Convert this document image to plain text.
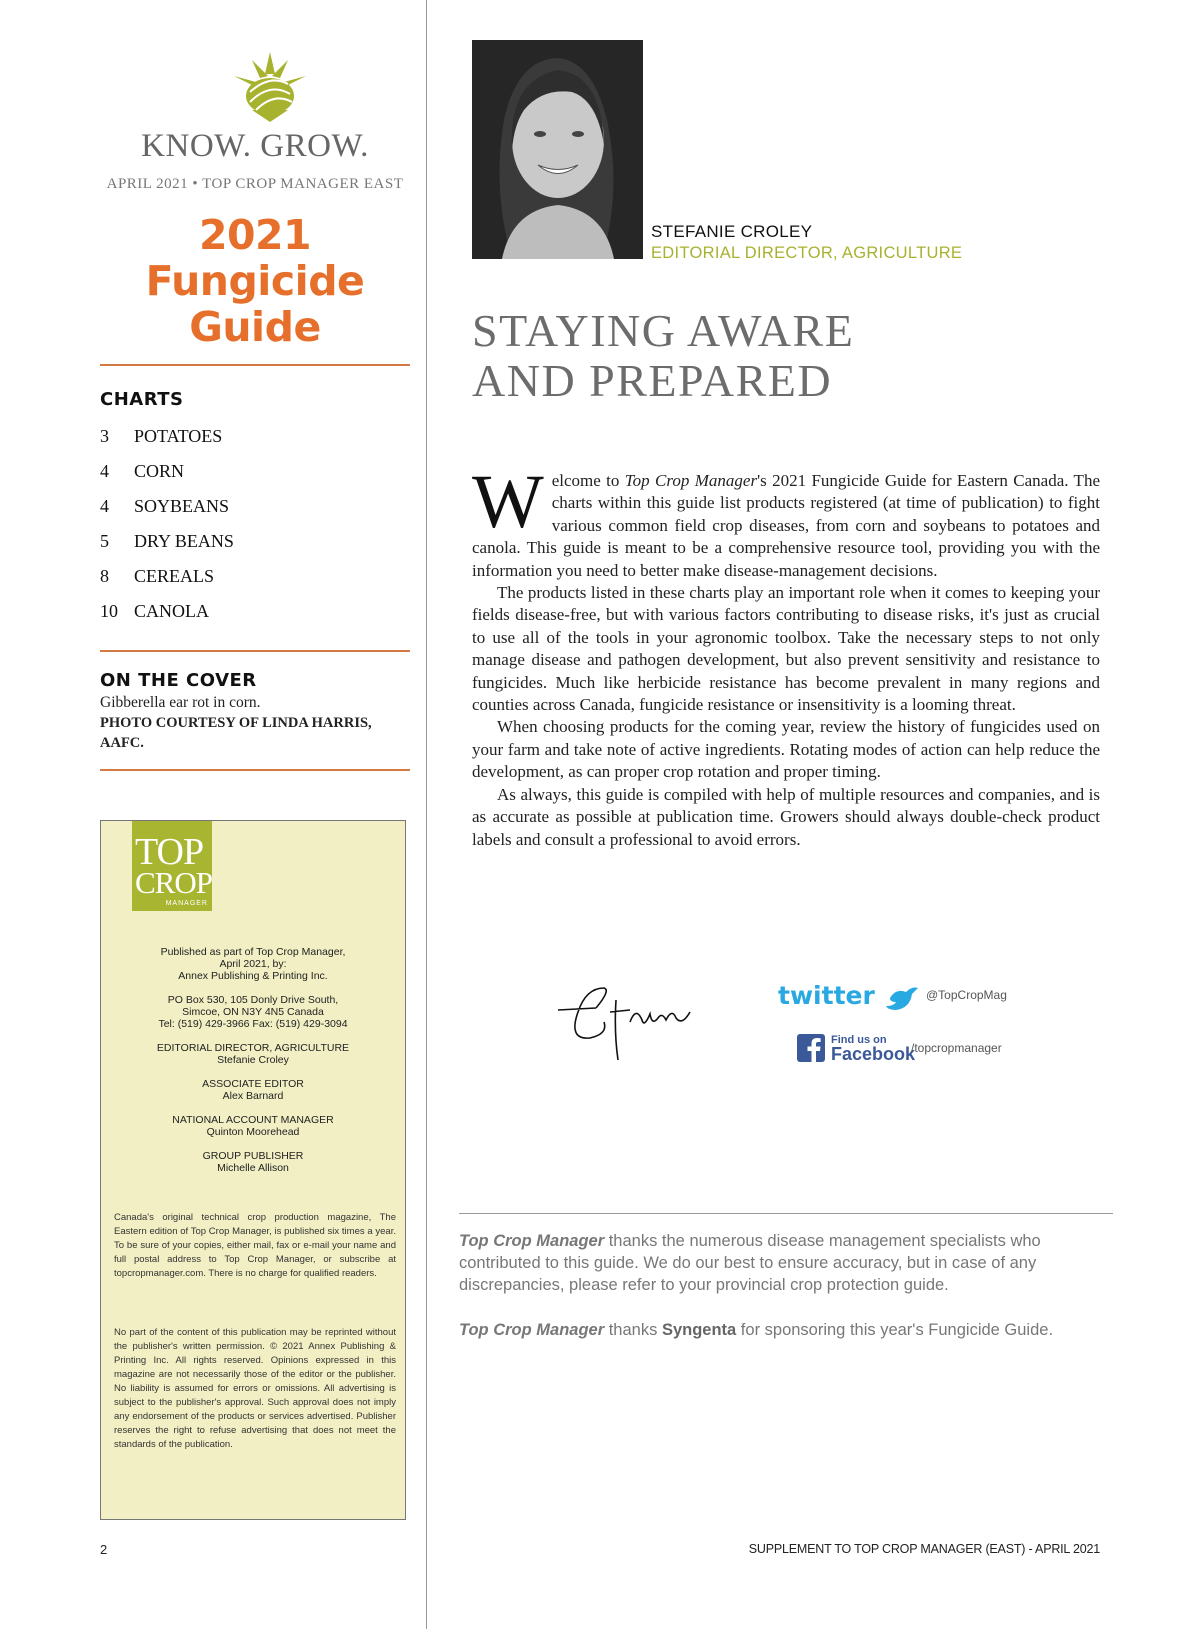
KNOW. GROW.
APRIL 2021 • TOP CROP MANAGER EAST
2021
Fungicide
Guide
CHARTS
3	POTATOES
4	CORN
4	SOYBEANS
5	DRY BEANS
8	CEREALS
10 CANOLA
ON THE COVER
Gibberella ear rot in corn.
PHOTO COURTESY OF LINDA HARRIS, AAFC.
TOP
CROP
MANAGER
Published as part of Top Crop Manager,
April 2021, by:
Annex Publishing & Printing Inc.
PO Box 530, 105 Donly Drive South,
Simcoe, ON N3Y 4N5 Canada
Tel: (519) 429-3966 Fax: (519) 429-3094
EDITORIAL DIRECTOR, AGRICULTURE
Stefanie Croley
ASSOCIATE EDITOR
Alex Barnard
NATIONAL ACCOUNT MANAGER
Quinton Moorehead
GROUP PUBLISHER
Michelle Allison
Canada's original technical crop production magazine, The Eastern edition of Top Crop Manager, is published six times a year. To be sure of your copies, either mail, fax or e-mail your name and full postal address to Top Crop Manager, or subscribe at topcropmanager.com. There is no charge for qualified readers.
No part of the content of this publication may be reprinted without the publisher's written permission. © 2021 Annex Publishing & Printing Inc. All rights reserved. Opinions expressed in this magazine are not necessarily those of the editor or the publisher. No liability is assumed for errors or omissions. All advertising is subject to the publisher's approval. Such approval does not imply any endorsement of the products or services advertised. Publisher reserves the right to refuse advertising that does not meet the standards of the publication.
2
STEFANIE CROLEY
EDITORIAL DIRECTOR, AGRICULTURE
STAYING AWARE
AND PREPARED

Welcome to Top Crop Manager's 2021 Fungicide Guide for Eastern Canada. The charts within this guide list products registered (at time of publication) to fight various common field crop diseases, from corn and soybeans to potatoes and canola. This guide is meant to be a comprehensive resource tool, providing you with the information you need to better make disease-management decisions.

The products listed in these charts play an important role when it comes to keeping your fields disease-free, but with various factors contributing to disease risks, it's just as crucial to use all of the tools in your agronomic toolbox. Take the necessary steps to not only manage disease and pathogen development, but also prevent sensitivity and resistance to fungicides. Much like herbicide resistance has become prevalent in many regions and counties across Canada, fungicide resistance or insensitivity is a looming threat.

When choosing products for the coming year, review the history of fungicides used on your farm and take note of active ingredients. Rotating modes of action can help reduce the development, as can proper crop rotation and proper timing.

As always, this guide is compiled with help of multiple resources and companies, and is as accurate as possible at publication time. Growers should always double-check product labels and consult a professional to avoid errors.

twitter	@TopCropMag
Find us on
Facebook
/topcropmanager

Top Crop Manager thanks the numerous disease management specialists who contributed to this guide. We do our best to ensure accuracy, but in case of any discrepancies, please refer to your provincial crop protection guide.

Top Crop Manager thanks Syngenta for sponsoring this year's Fungicide Guide.

SUPPLEMENT TO TOP CROP MANAGER (EAST) - APRIL 2021
